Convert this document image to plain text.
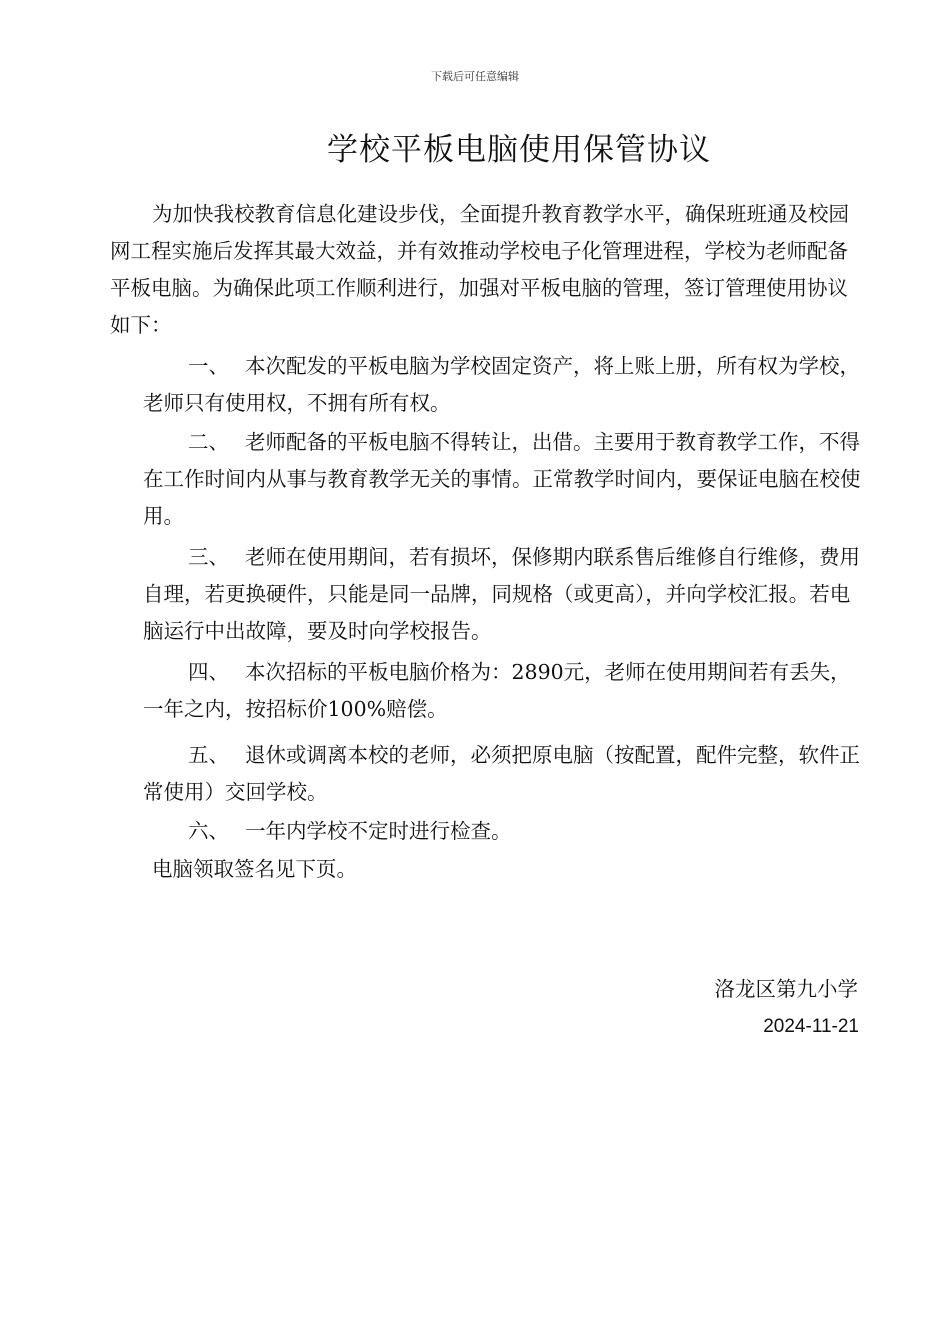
下载后可任意编辑
学校平板电脑使用保管协议
为加快我校教育信息化建设步伐，全面提升教育教学水平，确保班班通及校园网工程实施后发挥其最大效益，并有效推动学校电子化管理进程，学校为老师配备平板电脑。为确保此项工作顺利进行，加强对平板电脑的管理，签订管理使用协议如下：
一、 本次配发的平板电脑为学校固定资产，将上账上册，所有权为学校，老师只有使用权，不拥有所有权。
二、 老师配备的平板电脑不得转让，出借。主要用于教育教学工作，不得在工作时间内从事与教育教学无关的事情。正常教学时间内，要保证电脑在校使用。
三、 老师在使用期间，若有损坏，保修期内联系售后维修自行维修，费用自理，若更换硬件，只能是同一品牌，同规格（或更高），并向学校汇报。若电脑运行中出故障，要及时向学校报告。
四、 本次招标的平板电脑价格为：2890元，老师在使用期间若有丢失，一年之内，按招标价100%赔偿。
五、 退休或调离本校的老师，必须把原电脑（按配置，配件完整，软件正常使用）交回学校。
六、 一年内学校不定时进行检查。
电脑领取签名见下页。
洛龙区第九小学
2024-11-21
